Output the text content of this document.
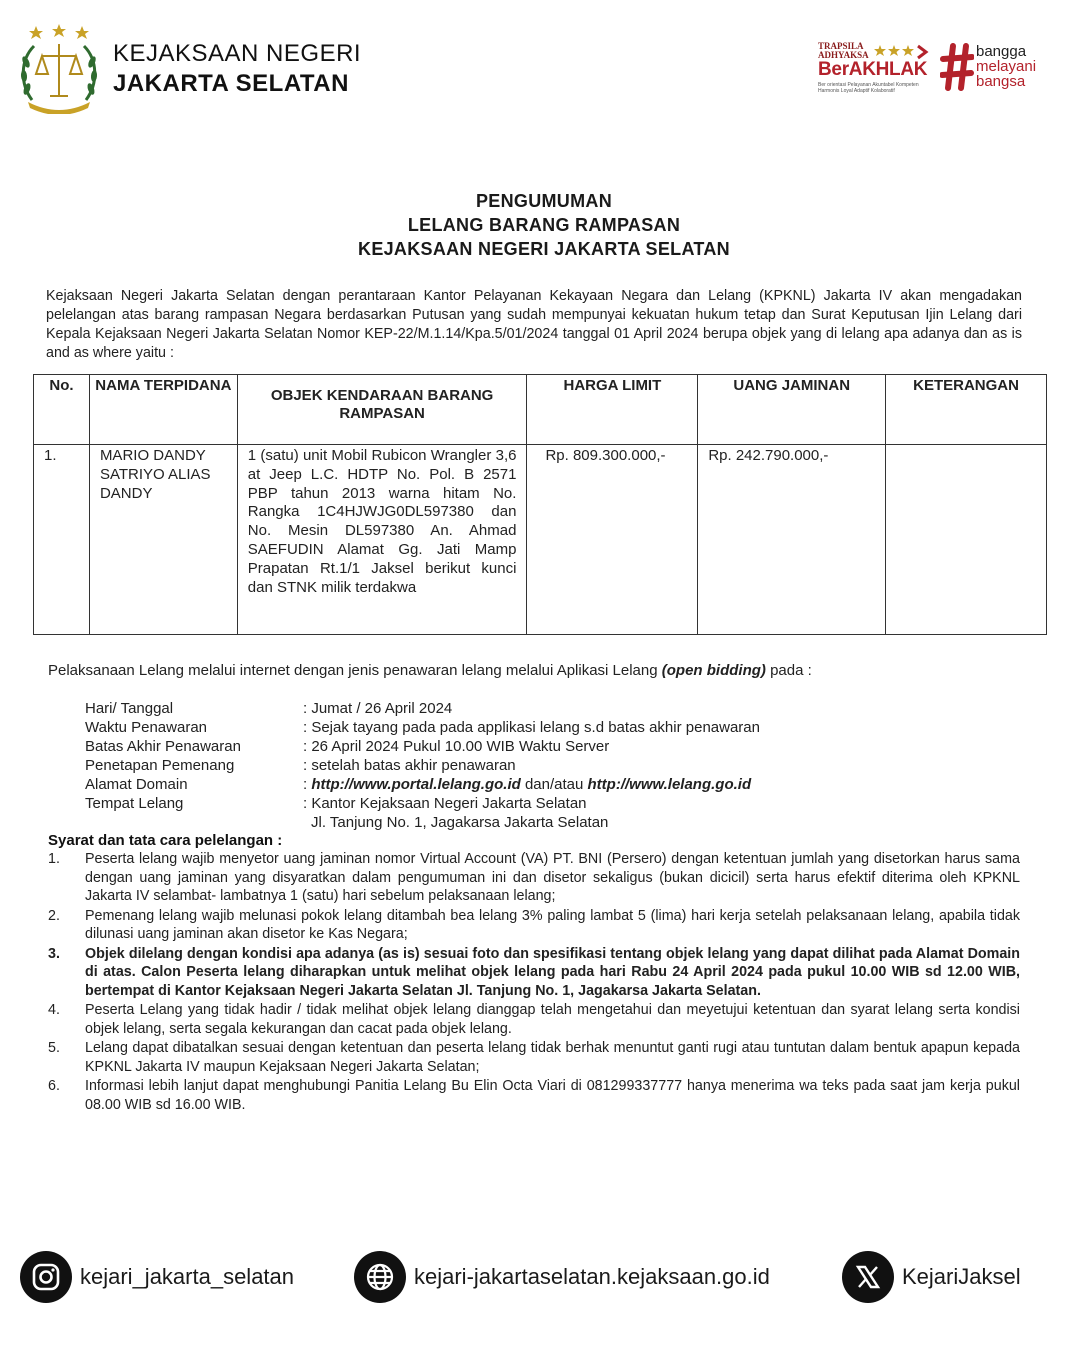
KEJAKSAAN NEGERI
JAKARTA SELATAN
TRAPSILA
ADHYAKSA
BerAKHLAK
Ber orientasi Pelayanan Akuntabel Kompeten Harmonis Loyal Adaptif Kolaboratif
bangga
melayani
bangsa
PENGUMUMAN
LELANG BARANG RAMPASAN
KEJAKSAAN NEGERI JAKARTA SELATAN
Kejaksaan Negeri Jakarta Selatan dengan perantaraan Kantor Pelayanan Kekayaan Negara dan Lelang (KPKNL) Jakarta IV akan mengadakan pelelangan atas barang rampasan Negara berdasarkan Putusan yang sudah mempunyai kekuatan hukum tetap dan Surat Keputusan Ijin Lelang dari Kepala Kejaksaan Negeri Jakarta Selatan Nomor KEP-22/M.1.14/Kpa.5/01/2024 tanggal 01 April 2024 berupa objek yang di lelang apa adanya dan as is and as where yaitu :
No.	NAMA TERPIDANA	OBJEK KENDARAAN BARANG RAMPASAN	HARGA LIMIT	UANG JAMINAN	KETERANGAN
1.	MARIO DANDY SATRIYO ALIAS DANDY	1 (satu) unit Mobil Rubicon Wrangler 3,6 at Jeep L.C. HDTP No. Pol. B 2571 PBP tahun 2013 warna hitam No. Rangka 1C4HJWJG0DL597380 dan No. Mesin DL597380 An. Ahmad SAEFUDIN Alamat Gg. Jati Mamp Prapatan Rt.1/1 Jaksel berikut kunci dan STNK milik terdakwa	Rp. 809.300.000,-	Rp. 242.790.000,-	
Pelaksanaan Lelang melalui internet dengan jenis penawaran lelang melalui Aplikasi Lelang (open bidding) pada :
Hari/ Tanggal	: Jumat / 26 April 2024
Waktu Penawaran	: Sejak tayang pada pada applikasi lelang s.d batas akhir penawaran
Batas Akhir Penawaran	: 26 April 2024 Pukul 10.00 WIB Waktu Server
Penetapan Pemenang	: setelah batas akhir penawaran
Alamat Domain	: http://www.portal.lelang.go.id dan/atau http://www.lelang.go.id
Tempat Lelang	: Kantor Kejaksaan Negeri Jakarta Selatan
Jl. Tanjung No. 1, Jagakarsa Jakarta Selatan
Syarat dan tata cara pelelangan :
1.	Peserta lelang wajib menyetor uang jaminan nomor Virtual Account (VA) PT. BNI (Persero) dengan ketentuan jumlah yang disetorkan harus sama dengan uang jaminan yang disyaratkan dalam pengumuman ini dan disetor sekaligus (bukan dicicil) serta harus efektif diterima oleh KPKNL Jakarta IV selambat- lambatnya 1 (satu) hari sebelum pelaksanaan lelang;
2.	Pemenang lelang wajib melunasi pokok lelang ditambah bea lelang 3% paling lambat 5 (lima) hari kerja setelah pelaksanaan lelang, apabila tidak dilunasi uang jaminan akan disetor ke Kas Negara;
3.	Objek dilelang dengan kondisi apa adanya (as is) sesuai foto dan spesifikasi tentang objek lelang yang dapat dilihat pada Alamat Domain di atas. Calon Peserta lelang diharapkan untuk melihat objek lelang pada hari Rabu 24 April 2024 pada pukul 10.00 WIB sd 12.00 WIB, bertempat di Kantor Kejaksaan Negeri Jakarta Selatan Jl. Tanjung No. 1, Jagakarsa Jakarta Selatan.
4.	Peserta Lelang yang tidak hadir / tidak melihat objek lelang dianggap telah mengetahui dan meyetujui ketentuan dan syarat lelang serta kondisi objek lelang, serta segala kekurangan dan cacat pada objek lelang.
5.	Lelang dapat dibatalkan sesuai dengan ketentuan dan peserta lelang tidak berhak menuntut ganti rugi atau tuntutan dalam bentuk apapun kepada KPKNL Jakarta IV maupun Kejaksaan Negeri Jakarta Selatan;
6.	Informasi lebih lanjut dapat menghubungi Panitia Lelang Bu Elin Octa Viari di 081299337777 hanya menerima wa teks pada saat jam kerja pukul 08.00 WIB sd 16.00 WIB.
kejari_jakarta_selatan	kejari-jakartaselatan.kejaksaan.go.id	KejariJaksel
